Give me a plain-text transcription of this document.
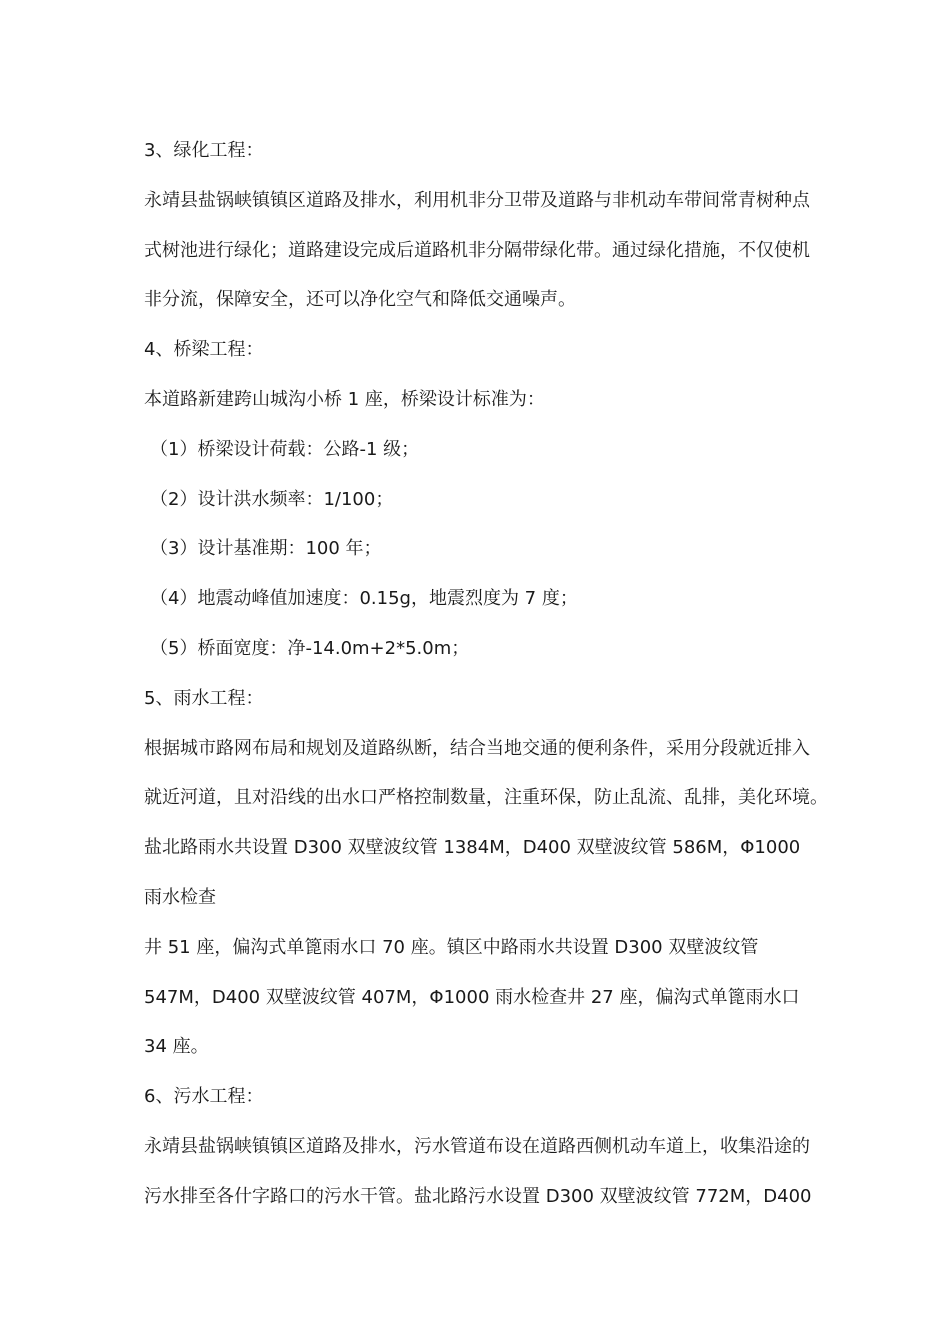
3、绿化工程：
永靖县盐锅峡镇镇区道路及排水，利用机非分卫带及道路与非机动车带间常青树种点
式树池进行绿化；道路建设完成后道路机非分隔带绿化带。通过绿化措施，不仅使机
非分流，保障安全，还可以净化空气和降低交通噪声。
4、桥梁工程：
本道路新建跨山城沟小桥 1 座，桥梁设计标准为：
（1）桥梁设计荷载：公路-1 级；
（2）设计洪水频率：1/100；
（3）设计基准期：100 年；
（4）地震动峰值加速度：0.15g，地震烈度为 7 度；
（5）桥面宽度：净-14.0m+2*5.0m；
5、雨水工程：
根据城市路网布局和规划及道路纵断，结合当地交通的便利条件，采用分段就近排入
就近河道，且对沿线的出水口严格控制数量，注重环保，防止乱流、乱排，美化环境。
盐北路雨水共设置 D300 双壁波纹管 1384M，D400 双壁波纹管 586M，Φ1000
雨水检查
井 51 座，偏沟式单篦雨水口 70 座。镇区中路雨水共设置 D300 双壁波纹管
547M，D400 双壁波纹管 407M，Φ1000 雨水检查井 27 座，偏沟式单篦雨水口
34 座。
6、污水工程：
永靖县盐锅峡镇镇区道路及排水，污水管道布设在道路西侧机动车道上，收集沿途的
污水排至各什字路口的污水干管。盐北路污水设置 D300 双壁波纹管 772M，D400
